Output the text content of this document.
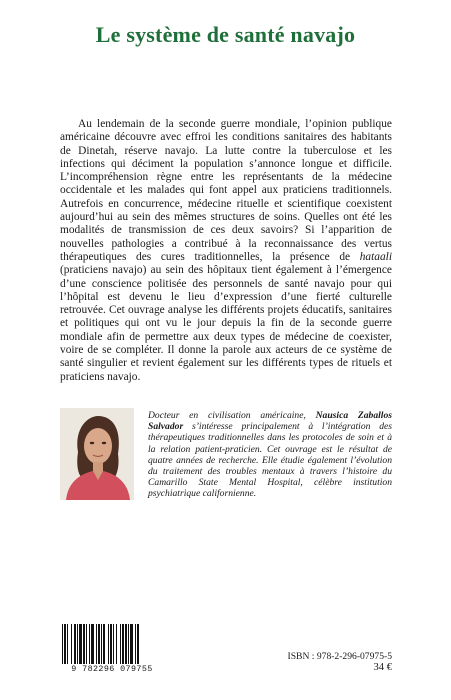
Le système de santé navajo

Au lendemain de la seconde guerre mondiale, l’opinion publique américaine découvre avec effroi les conditions sanitaires des habitants de Dinetah, réserve navajo. La lutte contre la tuberculose et les infections qui déciment la population s’annonce longue et difficile. L’incompréhension règne entre les représentants de la médecine occidentale et les malades qui font appel aux praticiens traditionnels. Autrefois en concurrence, médecine rituelle et scientifique coexistent aujourd’hui au sein des mêmes structures de soins. Quelles ont été les modalités de transmission de ces deux savoirs? Si l’apparition de nouvelles pathologies a contribué à la reconnaissance des vertus thérapeutiques des cures traditionnelles, la présence de hataali (praticiens navajo) au sein des hôpitaux tient également à l’émergence d’une conscience politisée des personnels de santé navajo pour qui l’hôpital est devenu le lieu d’expression d’une fierté culturelle retrouvée. Cet ouvrage analyse les différents projets éducatifs, sanitaires et politiques qui ont vu le jour depuis la fin de la seconde guerre mondiale afin de permettre aux deux types de médecine de coexister, voire de se compléter. Il donne la parole aux acteurs de ce système de santé singulier et revient également sur les différents types de rituels et praticiens navajo.

Docteur en civilisation américaine, Nausica Zaballos Salvador s’intéresse principalement à l’intégration des thérapeutiques traditionnelles dans les protocoles de soin et à la relation patient-praticien. Cet ouvrage est le résultat de quatre années de recherche. Elle étudie également l’évolution du traitement des troubles mentaux à travers l’histoire du Camarillo State Mental Hospital, célèbre institution psychiatrique californienne.

9 782296 079755
ISBN : 978-2-296-07975-5
34 €
